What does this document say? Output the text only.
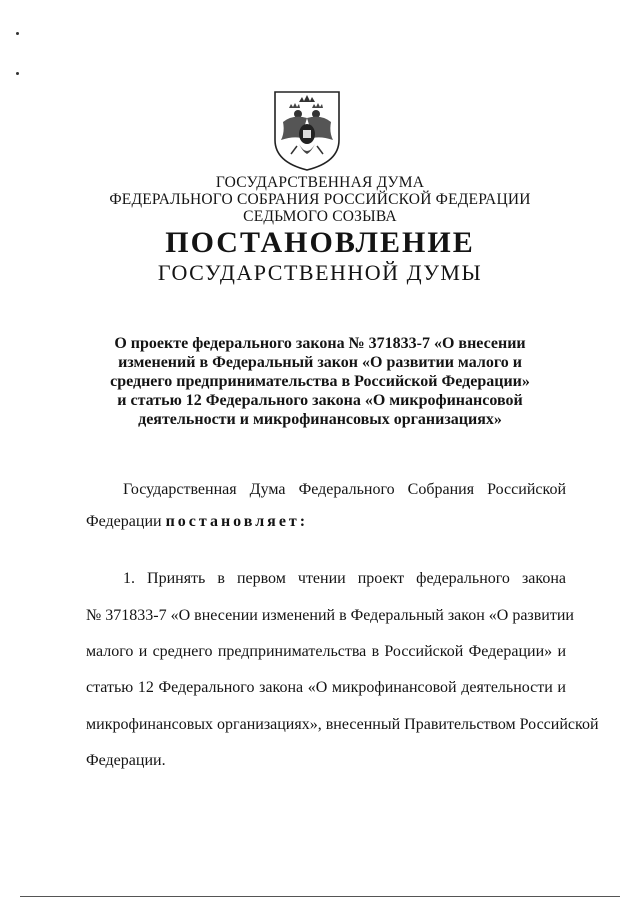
ГОСУДАРСТВЕННАЯ ДУМА
ФЕДЕРАЛЬНОГО СОБРАНИЯ РОССИЙСКОЙ ФЕДЕРАЦИИ
СЕДЬМОГО СОЗЫВА
ПОСТАНОВЛЕНИЕ
ГОСУДАРСТВЕННОЙ ДУМЫ
О проекте федерального закона № 371833-7 «О внесении
изменений в Федеральный закон «О развитии малого и
среднего предпринимательства в Российской Федерации»
и статью 12 Федерального закона «О микрофинансовой
деятельности и микрофинансовых организациях»
Государственная Дума Федерального Собрания Российской
Федерации постановляет:
1. Принять в первом чтении проект федерального закона
№ 371833-7 «О внесении изменений в Федеральный закон «О развитии
малого и среднего предпринимательства в Российской Федерации» и
статью 12 Федерального закона «О микрофинансовой деятельности и
микрофинансовых организациях», внесенный Правительством Российской
Федерации.
